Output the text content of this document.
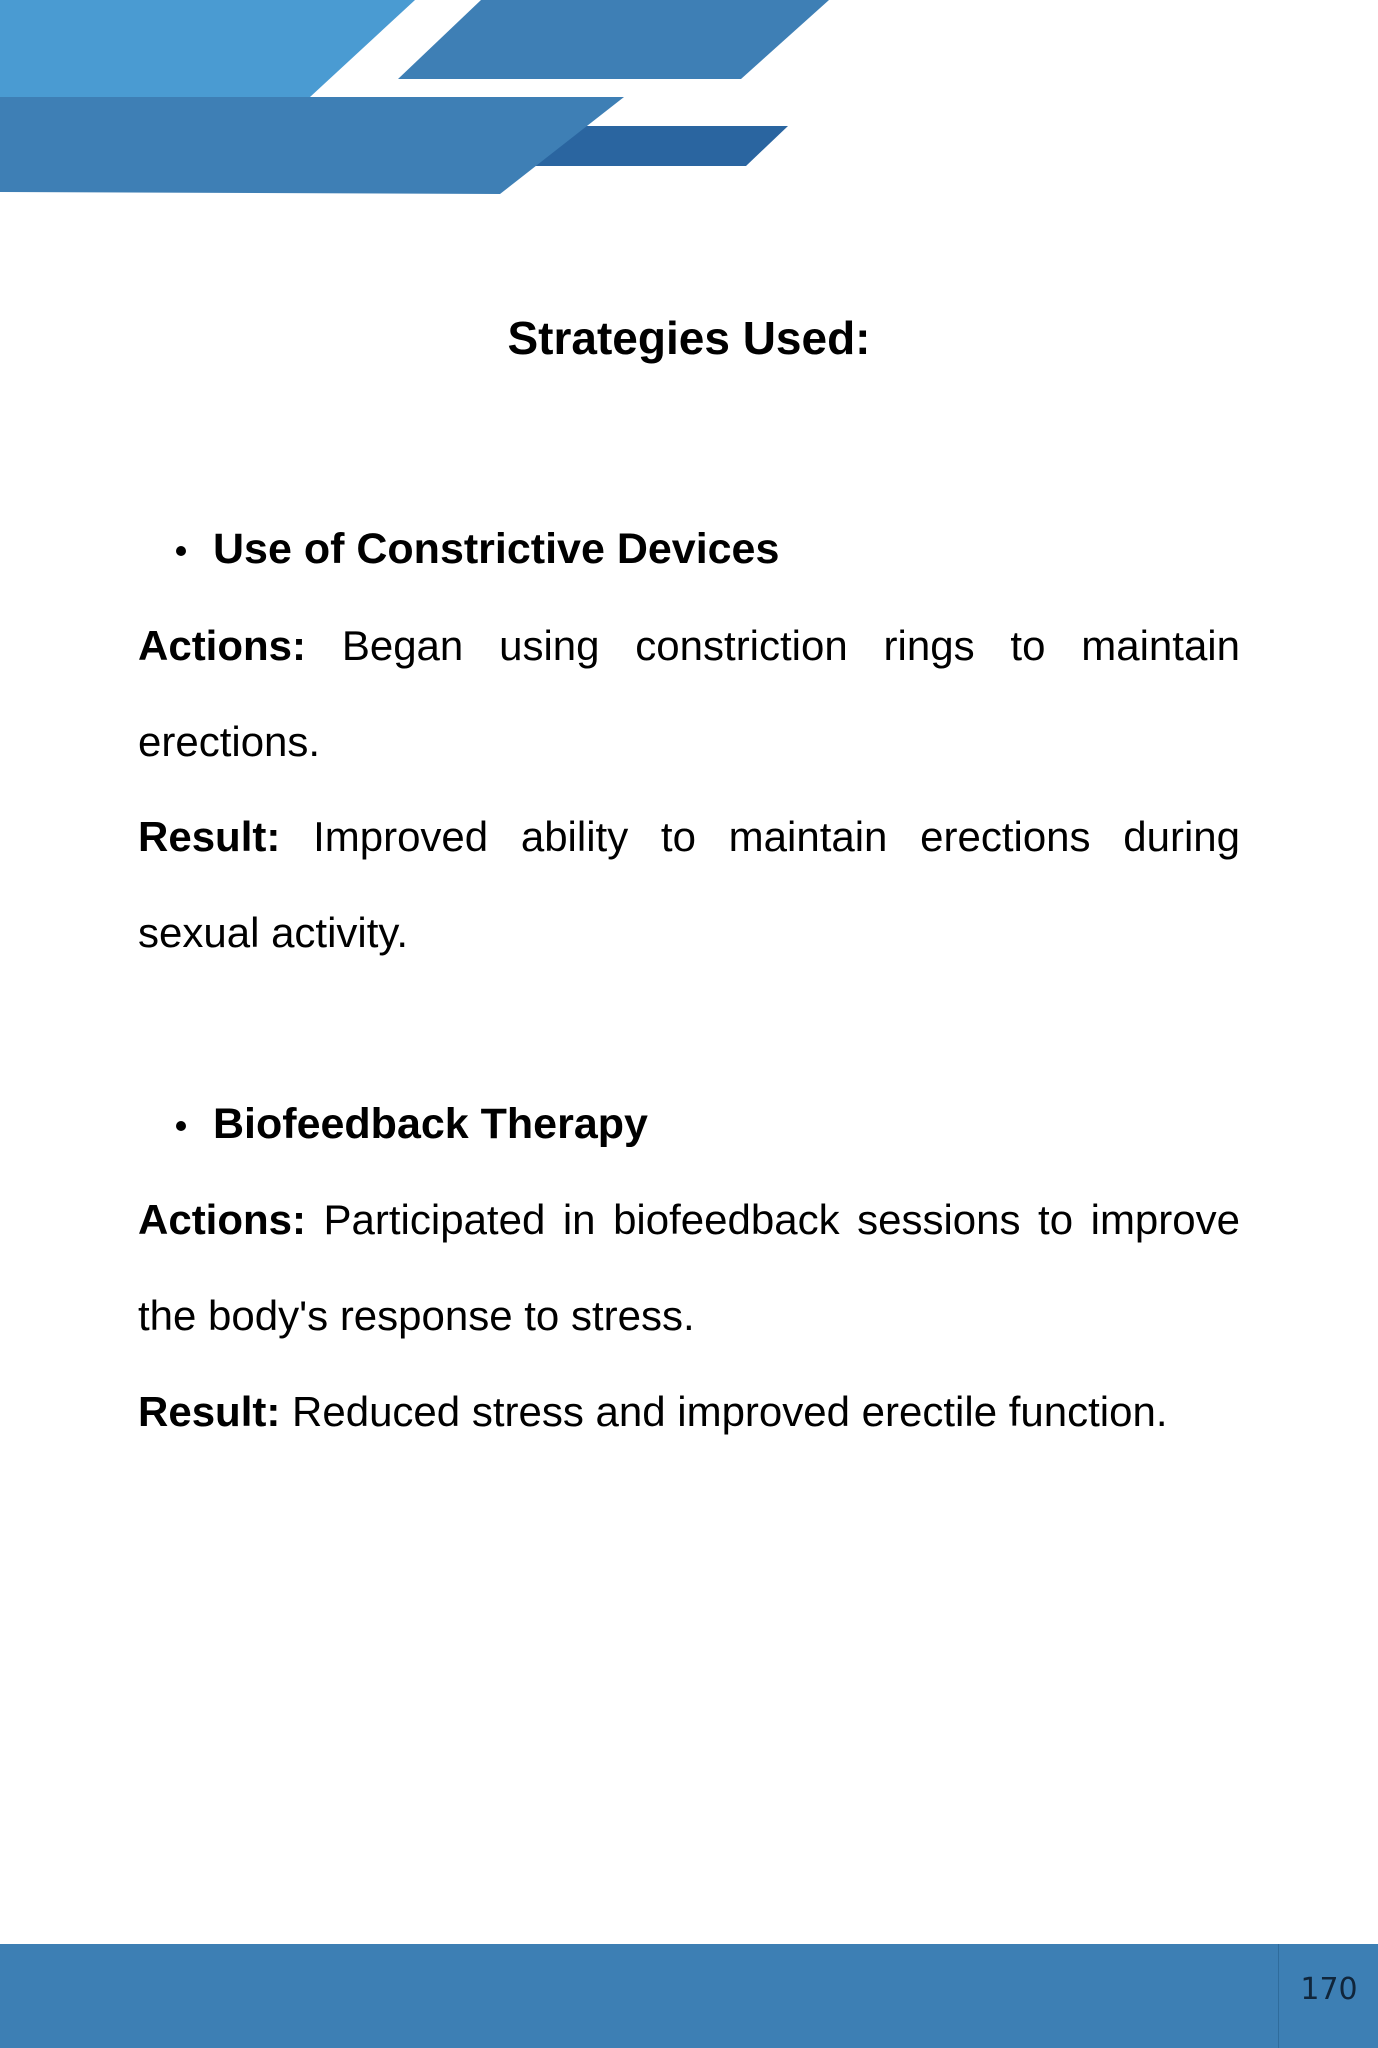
Strategies Used:
Use of Constrictive Devices
Actions: Began using constriction rings to maintain erections.
Result: Improved ability to maintain erections during sexual activity.
Biofeedback Therapy
Actions: Participated in biofeedback sessions to improve the body's response to stress.
Result: Reduced stress and improved erectile function.
170
